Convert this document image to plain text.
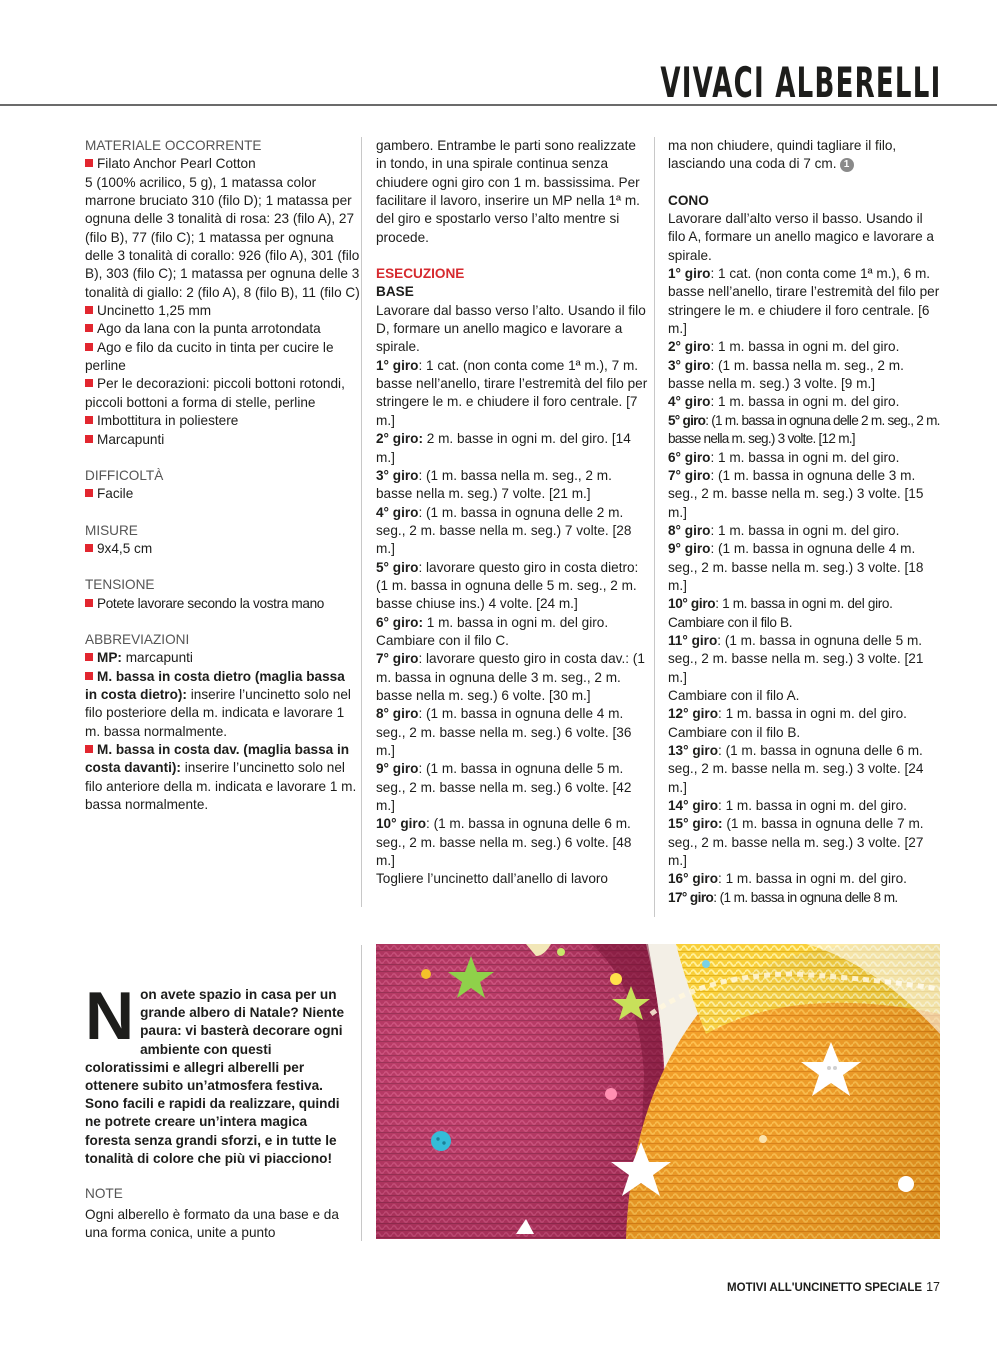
VIVACI ALBERELLI
MATERIALE OCCORRENTE
Filato Anchor Pearl Cotton
5 (100% acrilico, 5 g), 1 matassa color marrone bruciato 310 (filo D); 1 matassa per ognuna delle 3 tonalità di rosa: 23 (filo A), 27 (filo B), 77 (filo C); 1 matassa per ognuna delle 3 tonalità di corallo: 926 (filo A), 301 (filo B), 303 (filo C); 1 matassa per ognuna delle 3 tonalità di giallo: 2 (filo A), 8 (filo B), 11 (filo C)
Uncinetto 1,25 mm
Ago da lana con la punta arrotondata
Ago e filo da cucito in tinta per cucire le perline
Per le decorazioni: piccoli bottoni rotondi, piccoli bottoni a forma di stelle, perline
Imbottitura in poliestere
Marcapunti
DIFFICOLTÀ
Facile
MISURE
9x4,5 cm
TENSIONE
Potete lavorare secondo la vostra mano
ABBREVIAZIONI
MP: marcapunti
M. bassa in costa dietro (maglia bassa in costa dietro): inserire l’uncinetto solo nel filo posteriore della m. indicata e lavorare 1 m. bassa normalmente.
M. bassa in costa dav. (maglia bassa in costa davanti): inserire l’uncinetto solo nel filo anteriore della m. indicata e lavorare 1 m. bassa normalmente.
gambero. Entrambe le parti sono realizzate in tondo, in una spirale continua senza chiudere ogni giro con 1 m. bassissima. Per facilitare il lavoro, inserire un MP nella 1ª m. del giro e spostarlo verso l’alto mentre si procede.
ESECUZIONE
BASE
Lavorare dal basso verso l’alto. Usando il filo D, formare un anello magico e lavorare a spirale.
1° giro: 1 cat. (non conta come 1ª m.), 7 m. basse nell’anello, tirare l’estremità del filo per stringere le m. e chiudere il foro centrale. [7 m.]
2° giro: 2 m. basse in ogni m. del giro. [14 m.]
3° giro: (1 m. bassa nella m. seg., 2 m. basse nella m. seg.) 7 volte. [21 m.]
4° giro: (1 m. bassa in ognuna delle 2 m. seg., 2 m. basse nella m. seg.) 7 volte. [28 m.]
5° giro: lavorare questo giro in costa dietro: (1 m. bassa in ognuna delle 5 m. seg., 2 m. basse chiuse ins.) 4 volte. [24 m.]
6° giro: 1 m. bassa in ogni m. del giro. Cambiare con il filo C.
7° giro: lavorare questo giro in costa dav.: (1 m. bassa in ognuna delle 3 m. seg., 2 m. basse nella m. seg.) 6 volte. [30 m.]
8° giro: (1 m. bassa in ognuna delle 4 m. seg., 2 m. basse nella m. seg.) 6 volte. [36 m.]
9° giro: (1 m. bassa in ognuna delle 5 m. seg., 2 m. basse nella m. seg.) 6 volte. [42 m.]
10° giro: (1 m. bassa in ognuna delle 6 m. seg., 2 m. basse nella m. seg.) 6 volte. [48 m.]
Togliere l’uncinetto dall’anello di lavoro
ma non chiudere, quindi tagliare il filo, lasciando una coda di 7 cm. 1
CONO
Lavorare dall’alto verso il basso. Usando il filo A, formare un anello magico e lavorare a spirale.
1° giro: 1 cat. (non conta come 1ª m.), 6 m. basse nell’anello, tirare l’estremità del filo per stringere le m. e chiudere il foro centrale. [6 m.]
2° giro: 1 m. bassa in ogni m. del giro.
3° giro: (1 m. bassa nella m. seg., 2 m. basse nella m. seg.) 3 volte. [9 m.]
4° giro: 1 m. bassa in ogni m. del giro.
5° giro: (1 m. bassa in ognuna delle 2 m. seg., 2 m. basse nella m. seg.) 3 volte. [12 m.]
6° giro: 1 m. bassa in ogni m. del giro.
7° giro: (1 m. bassa in ognuna delle 3 m. seg., 2 m. basse nella m. seg.) 3 volte. [15 m.]
8° giro: 1 m. bassa in ogni m. del giro.
9° giro: (1 m. bassa in ognuna delle 4 m. seg., 2 m. basse nella m. seg.) 3 volte. [18 m.]
10° giro: 1 m. bassa in ogni m. del giro. Cambiare con il filo B.
11° giro: (1 m. bassa in ognuna delle 5 m. seg., 2 m. basse nella m. seg.) 3 volte. [21 m.]
Cambiare con il filo A.
12° giro: 1 m. bassa in ogni m. del giro. Cambiare con il filo B.
13° giro: (1 m. bassa in ognuna delle 6 m. seg., 2 m. basse nella m. seg.) 3 volte. [24 m.]
14° giro: 1 m. bassa in ogni m. del giro.
15° giro: (1 m. bassa in ognuna delle 7 m. seg., 2 m. basse nella m. seg.) 3 volte. [27 m.]
16° giro: 1 m. bassa in ogni m. del giro.
17° giro: (1 m. bassa in ognuna delle 8 m.
N on avete spazio in casa per un grande albero di Natale? Niente paura: vi basterà decorare ogni ambiente con questi coloratissimi e allegri alberelli per ottenere subito un’atmosfera festiva. Sono facili e rapidi da realizzare, quindi ne potrete creare un’intera magica foresta senza grandi sforzi, e in tutte le tonalità di colore che più vi piacciono!
NOTE
Ogni alberello è formato da una base e da una forma conica, unite a punto
MOTIVI ALL'UNCINETTO SPECIALE 17
